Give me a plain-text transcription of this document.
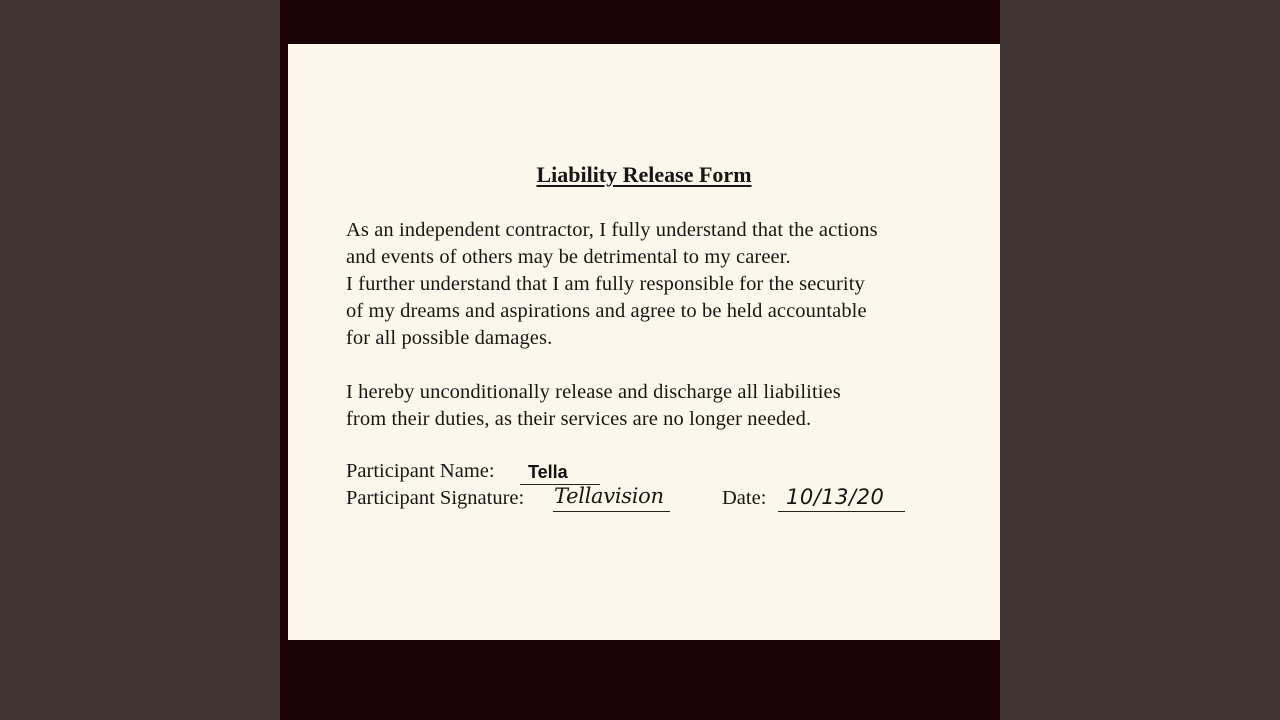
Liability Release Form

As an independent contractor, I fully understand that the actions
and events of others may be detrimental to my career.
I further understand that I am fully responsible for the security
of my dreams and aspirations and agree to be held accountable
for all possible damages.

I hereby unconditionally release and discharge all liabilities
from their duties, as their services are no longer needed.

Participant Name: Tella
Participant Signature: Tellavision	Date: 10/13/20
